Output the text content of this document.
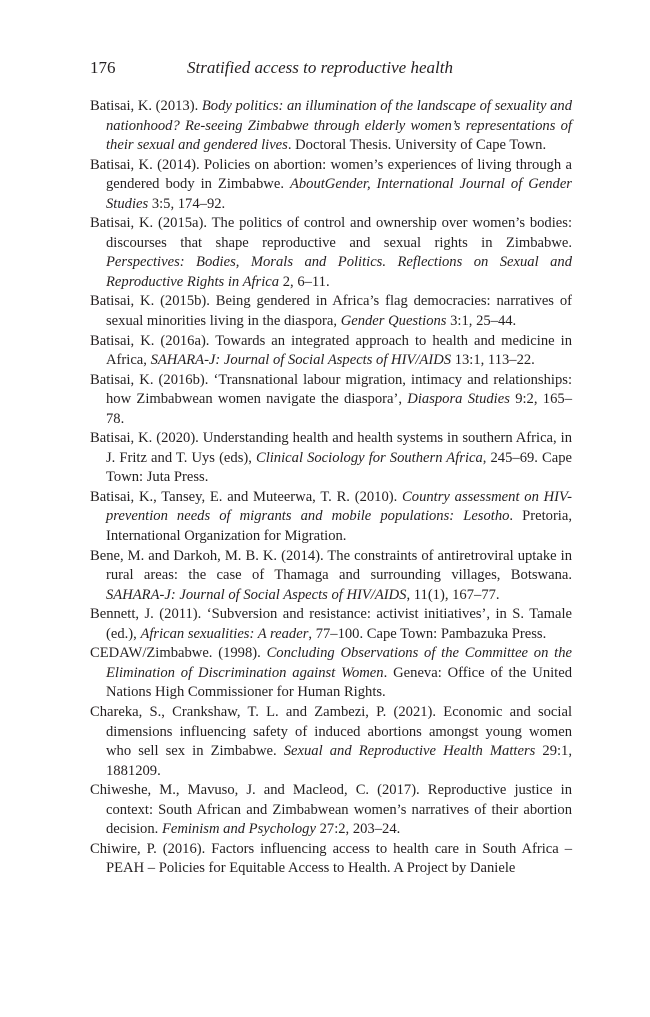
176	Stratified access to reproductive health

Batisai, K. (2013). Body politics: an illumination of the landscape of sexuality and nationhood? Re-seeing Zimbabwe through elderly women’s representations of their sexual and gendered lives. Doctoral Thesis. University of Cape Town.

Batisai, K. (2014). Policies on abortion: women’s experiences of living through a gendered body in Zimbabwe. AboutGender, International Journal of Gender Studies 3:5, 174–92.

Batisai, K. (2015a). The politics of control and ownership over women’s bodies: discourses that shape reproductive and sexual rights in Zimbabwe. Perspectives: Bodies, Morals and Politics. Reflections on Sexual and Reproductive Rights in Africa 2, 6–11.

Batisai, K. (2015b). Being gendered in Africa’s flag democracies: narratives of sexual minorities living in the diaspora, Gender Questions 3:1, 25–44.

Batisai, K. (2016a). Towards an integrated approach to health and medicine in Africa, SAHARA-J: Journal of Social Aspects of HIV/AIDS 13:1, 113–22.

Batisai, K. (2016b). ‘Transnational labour migration, intimacy and relationships: how Zimbabwean women navigate the diaspora’, Diaspora Studies 9:2, 165–78.

Batisai, K. (2020). Understanding health and health systems in southern Africa, in J. Fritz and T. Uys (eds), Clinical Sociology for Southern Africa, 245–69. Cape Town: Juta Press.

Batisai, K., Tansey, E. and Muteerwa, T. R. (2010). Country assessment on HIV-prevention needs of migrants and mobile populations: Lesotho. Pretoria, International Organization for Migration.

Bene, M. and Darkoh, M. B. K. (2014). The constraints of antiretroviral uptake in rural areas: the case of Thamaga and surrounding villages, Botswana. SAHARA-J: Journal of Social Aspects of HIV/AIDS, 11(1), 167–77.

Bennett, J. (2011). ‘Subversion and resistance: activist initiatives’, in S. Tamale (ed.), African sexualities: A reader, 77–100. Cape Town: Pambazuka Press.

CEDAW/Zimbabwe. (1998). Concluding Observations of the Committee on the Elimination of Discrimination against Women. Geneva: Office of the United Nations High Commissioner for Human Rights.

Chareka, S., Crankshaw, T. L. and Zambezi, P. (2021). Economic and social dimensions influencing safety of induced abortions amongst young women who sell sex in Zimbabwe. Sexual and Reproductive Health Matters 29:1, 1881209.

Chiweshe, M., Mavuso, J. and Macleod, C. (2017). Reproductive justice in context: South African and Zimbabwean women’s narratives of their abortion decision. Feminism and Psychology 27:2, 203–24.

Chiwire, P. (2016). Factors influencing access to health care in South Africa – PEAH – Policies for Equitable Access to Health. A Project by Daniele
